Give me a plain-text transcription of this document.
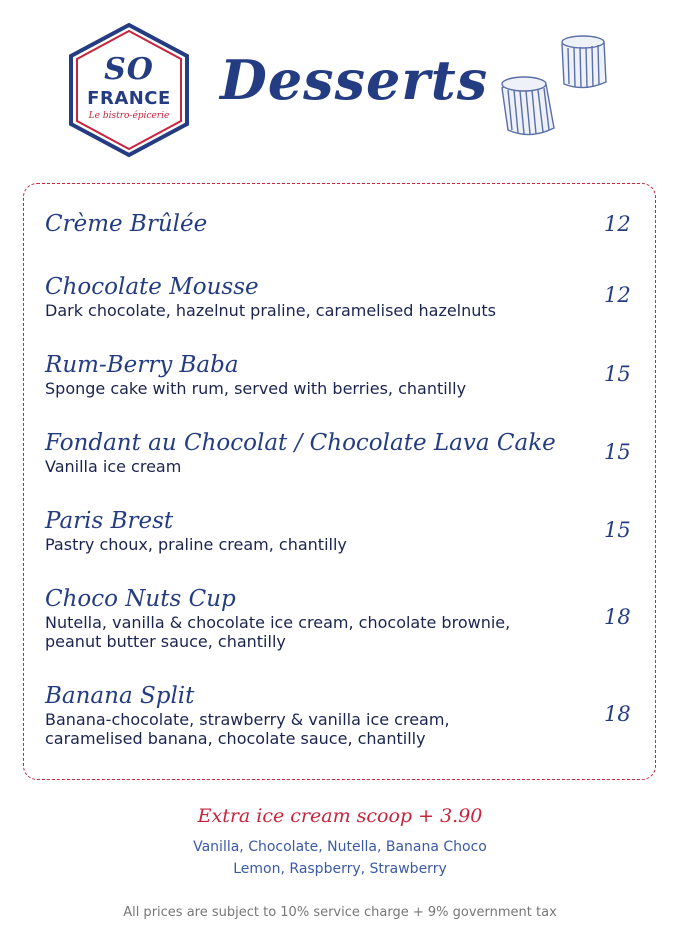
SO
FRANCE
Le bistro-épicerie
Desserts
Crème Brûlée	12
Chocolate Mousse
Dark chocolate, hazelnut praline, caramelised hazelnuts
12
Rum-Berry Baba
Sponge cake with rum, served with berries, chantilly
15
Fondant au Chocolat / Chocolate Lava Cake
Vanilla ice cream
15
Paris Brest
Pastry choux, praline cream, chantilly
15
Choco Nuts Cup
Nutella, vanilla & chocolate ice cream, chocolate brownie,
peanut butter sauce, chantilly
18
Banana Split
Banana-chocolate, strawberry & vanilla ice cream,
caramelised banana, chocolate sauce, chantilly
18
Extra ice cream scoop + 3.90
Vanilla, Chocolate, Nutella, Banana Choco
Lemon, Raspberry, Strawberry
All prices are subject to 10% service charge + 9% government tax
